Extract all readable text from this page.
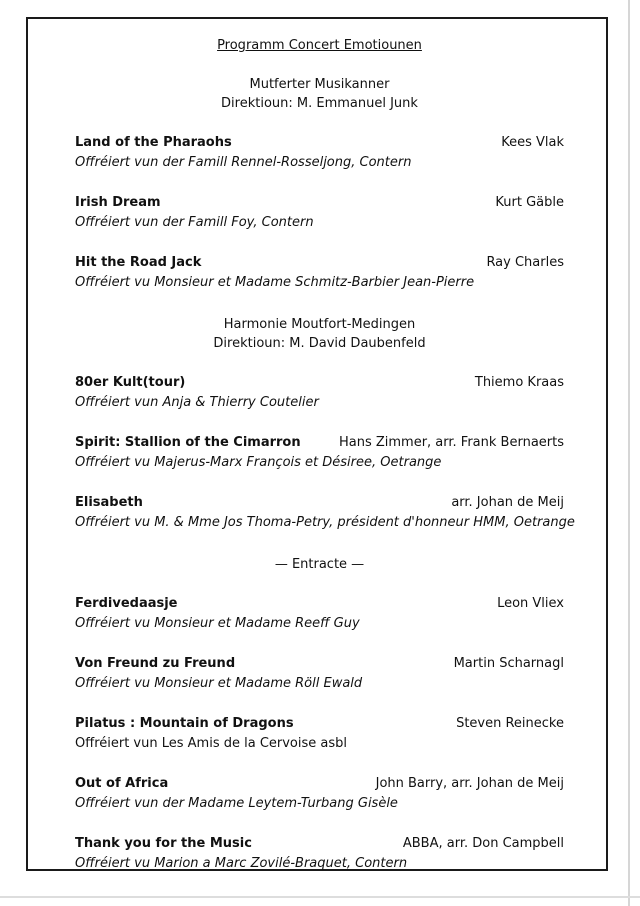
Programm Concert Emotiounen
Mutferter Musikanner
Direktioun: M. Emmanuel Junk
Land of the Pharaohs	Kees Vlak
Offréiert vun der Famill Rennel-Rosseljong, Contern
Irish Dream	Kurt Gäble
Offréiert vun der Famill Foy, Contern
Hit the Road Jack	Ray Charles
Offréiert vu Monsieur et Madame Schmitz-Barbier Jean-Pierre
Harmonie Moutfort-Medingen
Direktioun: M. David Daubenfeld
80er Kult(tour)	Thiemo Kraas
Offréiert vun Anja & Thierry Coutelier
Spirit: Stallion of the Cimarron	Hans Zimmer, arr. Frank Bernaerts
Offréiert vu Majerus-Marx François et Désiree, Oetrange
Elisabeth	arr. Johan de Meij
Offréiert vu M. & Mme Jos Thoma-Petry, président d'honneur HMM, Oetrange
— Entracte —
Ferdivedaasje	Leon Vliex
Offréiert vu Monsieur et Madame Reeff Guy
Von Freund zu Freund	Martin Scharnagl
Offréiert vu Monsieur et Madame Röll Ewald
Pilatus : Mountain of Dragons	Steven Reinecke
Offréiert vun Les Amis de la Cervoise asbl
Out of Africa	John Barry, arr. Johan de Meij
Offréiert vun der Madame Leytem-Turbang Gisèle
Thank you for the Music	ABBA, arr. Don Campbell
Offréiert vu Marion a Marc Zovilé-Braquet, Contern
